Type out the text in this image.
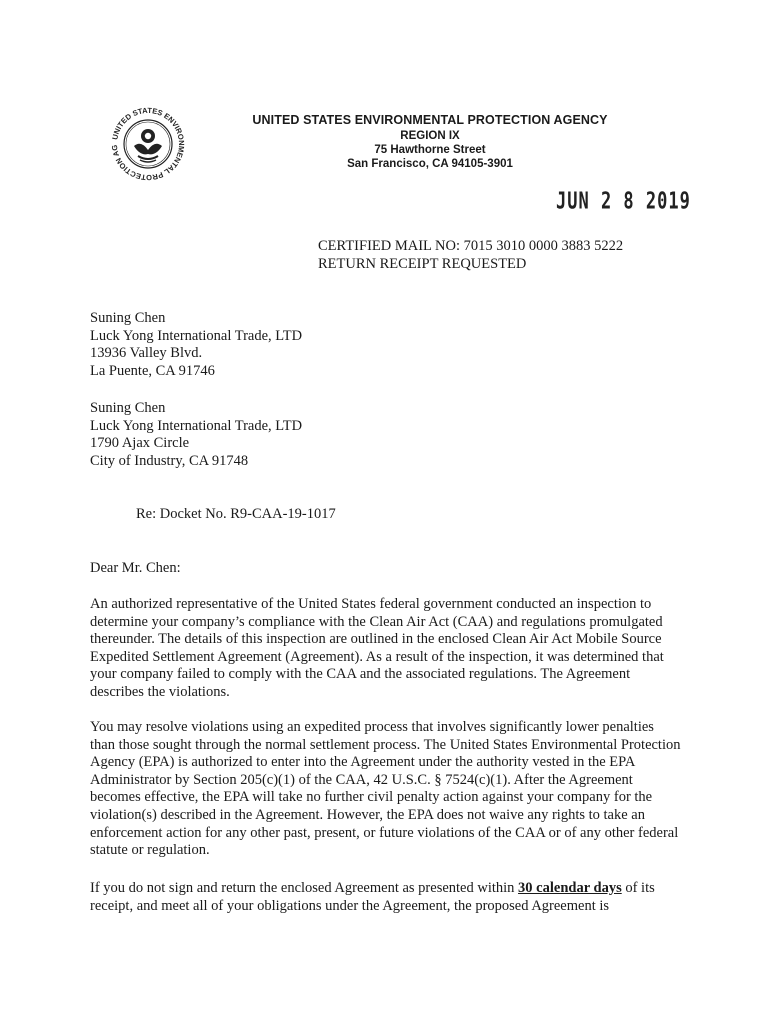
UNITED STATES ENVIRONMENTAL PROTECTION AG
UNITED STATES ENVIRONMENTAL PROTECTION AGENCY
REGION IX
75 Hawthorne Street
San Francisco, CA 94105-3901
JUN 2 8 2019
CERTIFIED MAIL NO: 7015 3010 0000 3883 5222
RETURN RECEIPT REQUESTED
Suning Chen
Luck Yong International Trade, LTD
13936 Valley Blvd.
La Puente, CA 91746
Suning Chen
Luck Yong International Trade, LTD
1790 Ajax Circle
City of Industry, CA 91748
Re: Docket No. R9-CAA-19-1017
Dear Mr. Chen:

An authorized representative of the United States federal government conducted an inspection to determine your company’s compliance with the Clean Air Act (CAA) and regulations promulgated thereunder. The details of this inspection are outlined in the enclosed Clean Air Act Mobile Source Expedited Settlement Agreement (Agreement). As a result of the inspection, it was determined that your company failed to comply with the CAA and the associated regulations. The Agreement describes the violations.

You may resolve violations using an expedited process that involves significantly lower penalties than those sought through the normal settlement process. The United States Environmental Protection Agency (EPA) is authorized to enter into the Agreement under the authority vested in the EPA Administrator by Section 205(c)(1) of the CAA, 42 U.S.C. § 7524(c)(1). After the Agreement becomes effective, the EPA will take no further civil penalty action against your company for the violation(s) described in the Agreement. However, the EPA does not waive any rights to take an enforcement action for any other past, present, or future violations of the CAA or of any other federal statute or regulation.

If you do not sign and return the enclosed Agreement as presented within 30 calendar days of its receipt, and meet all of your obligations under the Agreement, the proposed Agreement is
